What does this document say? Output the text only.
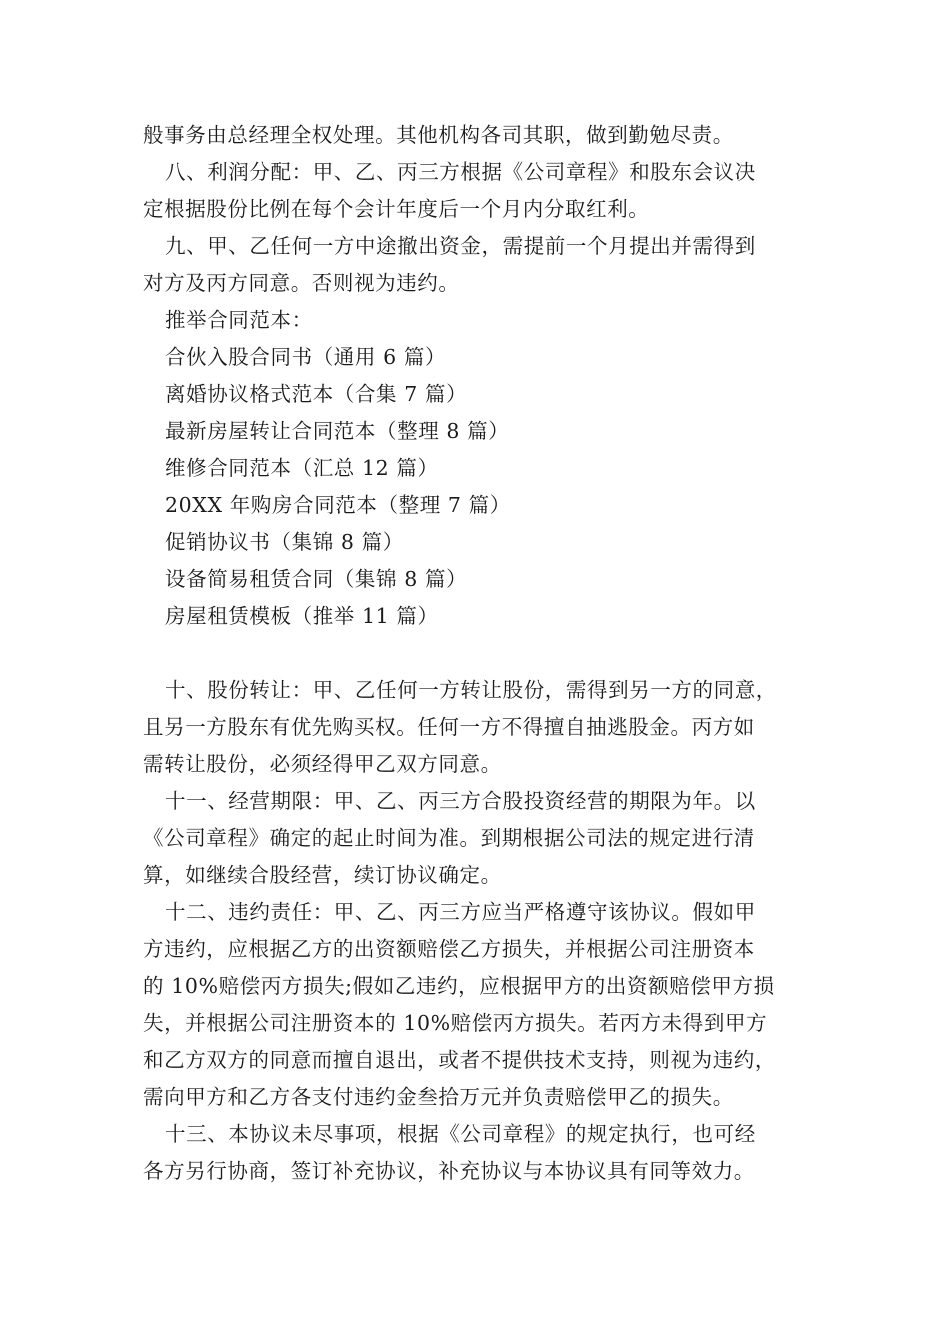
般事务由总经理全权处理。其他机构各司其职，做到勤勉尽责。
八、利润分配：甲、乙、丙三方根据《公司章程》和股东会议决
定根据股份比例在每个会计年度后一个月内分取红利。
九、甲、乙任何一方中途撤出资金，需提前一个月提出并需得到
对方及丙方同意。否则视为违约。
推举合同范本：
合伙入股合同书（通用 6 篇）
离婚协议格式范本（合集 7 篇）
最新房屋转让合同范本（整理 8 篇）
维修合同范本（汇总 12 篇）
20XX 年购房合同范本（整理 7 篇）
促销协议书（集锦 8 篇）
设备简易租赁合同（集锦 8 篇）
房屋租赁模板（推举 11 篇）
十、股份转让：甲、乙任何一方转让股份，需得到另一方的同意，
且另一方股东有优先购买权。任何一方不得擅自抽逃股金。丙方如
需转让股份，必须经得甲乙双方同意。
十一、经营期限：甲、乙、丙三方合股投资经营的期限为年。以
《公司章程》确定的起止时间为准。到期根据公司法的规定进行清
算，如继续合股经营，续订协议确定。
十二、违约责任：甲、乙、丙三方应当严格遵守该协议。假如甲
方违约，应根据乙方的出资额赔偿乙方损失，并根据公司注册资本
的 10%赔偿丙方损失;假如乙违约，应根据甲方的出资额赔偿甲方损
失，并根据公司注册资本的 10%赔偿丙方损失。若丙方未得到甲方
和乙方双方的同意而擅自退出，或者不提供技术支持，则视为违约，
需向甲方和乙方各支付违约金叁拾万元并负责赔偿甲乙的损失。
十三、本协议未尽事项，根据《公司章程》的规定执行，也可经
各方另行协商，签订补充协议，补充协议与本协议具有同等效力。
